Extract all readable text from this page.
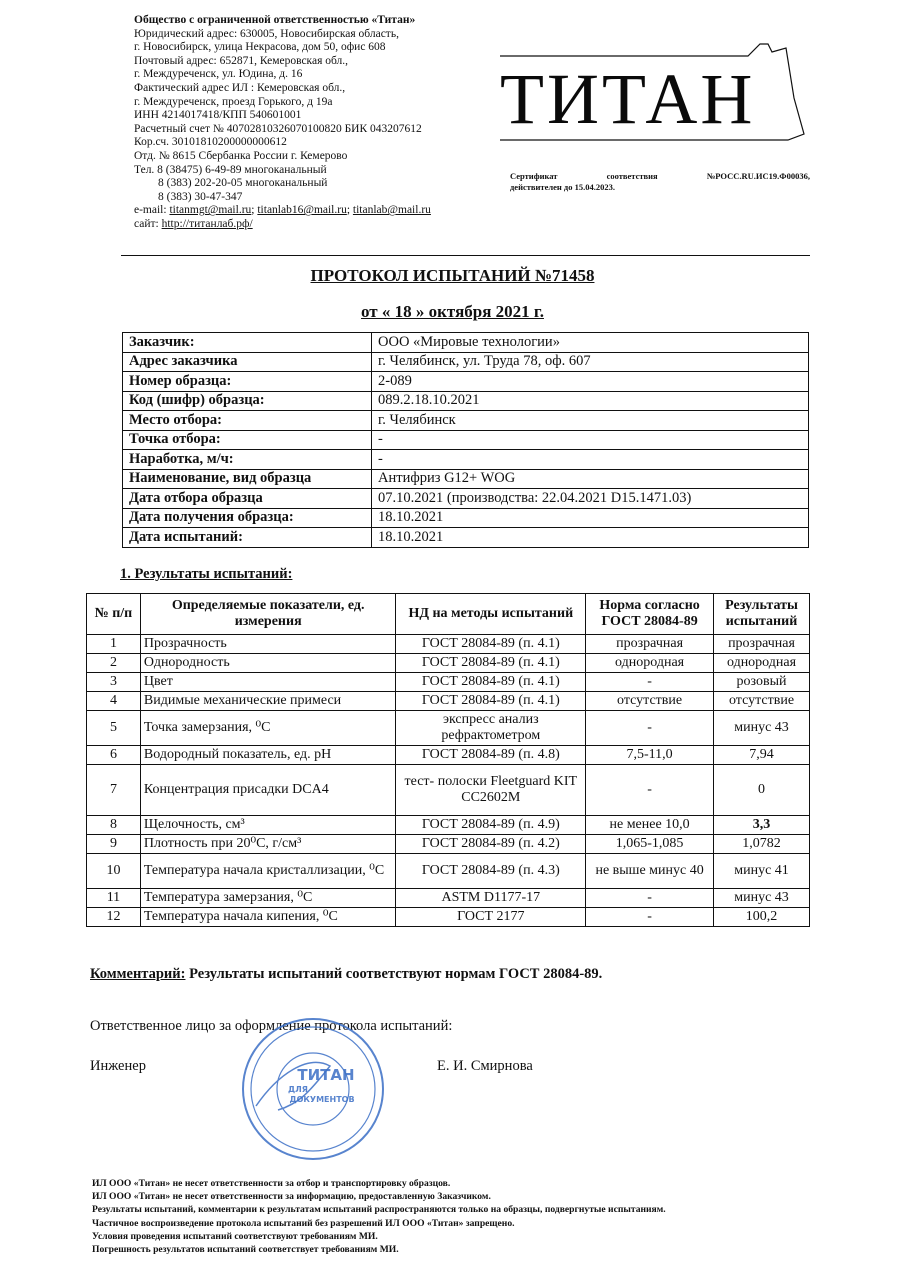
Общество с ограниченной ответственностью «Титан»
Юридический адрес: 630005, Новосибирская область,
г. Новосибирск, улица Некрасова, дом 50, офис 608
Почтовый адрес: 652871, Кемеровская обл.,
г. Междуреченск, ул. Юдина, д. 16
Фактический адрес ИЛ : Кемеровская обл.,
г. Междуреченск, проезд Горького, д 19а
ИНН 4214017418/КПП 540601001
Расчетный счет № 40702810326070100820 БИК 043207612
Кор.сч. 30101810200000000612
Отд. № 8615 Сбербанка России г. Кемерово
Тел. 8 (38475) 6-49-89 многоканальный
8 (383) 202-20-05 многоканальный
8 (383) 30-47-347
e-mail: titanmgt@mail.ru; titanlab16@mail.ru; titanlab@mail.ru
сайт: http://титанлаб.рф/
ТИТАН
Сертификат	соответствия	№РОСС.RU.ИС19.Ф00036,
действителен до 15.04.2023.
ПРОТОКОЛ ИСПЫТАНИЙ №71458
от « 18 » октября 2021 г.
Заказчик:	ООО «Мировые технологии»
Адрес заказчика	г. Челябинск, ул. Труда 78, оф. 607
Номер образца:	2-089
Код (шифр) образца:	089.2.18.10.2021
Место отбора:	г. Челябинск
Точка отбора:	-
Наработка, м/ч:	-
Наименование, вид образца	Антифриз G12+ WOG
Дата отбора образца	07.10.2021 (производства: 22.04.2021 D15.1471.03)
Дата получения образца:	18.10.2021
Дата испытаний:	18.10.2021
1. Результаты испытаний:
№ п/п	Определяемые показатели, ед. измерения	НД на методы испытаний	Норма согласно ГОСТ 28084-89	Результаты испытаний
1	Прозрачность	ГОСТ 28084-89 (п. 4.1)	прозрачная	прозрачная
2	Однородность	ГОСТ 28084-89 (п. 4.1)	однородная	однородная
3	Цвет	ГОСТ 28084-89 (п. 4.1)	-	розовый
4	Видимые механические примеси	ГОСТ 28084-89 (п. 4.1)	отсутствие	отсутствие
5	Точка замерзания, ⁰С	экспресс анализ рефрактометром	-	минус 43
6	Водородный показатель, ед. рН	ГОСТ 28084-89 (п. 4.8)	7,5-11,0	7,94
7	Концентрация присадки DCA4	тест- полоски Fleetguard KIT CC2602M	-	0
8	Щелочность, см³	ГОСТ 28084-89 (п. 4.9)	не менее 10,0	3,3
9	Плотность при 20⁰С, г/см³	ГОСТ 28084-89 (п. 4.2)	1,065-1,085	1,0782
10	Температура начала кристаллизации, ⁰С	ГОСТ 28084-89 (п. 4.3)	не выше минус 40	минус 41
11	Температура замерзания, ⁰С	ASTM D1177-17	-	минус 43
12	Температура начала кипения, ⁰С	ГОСТ 2177	-	100,2
Комментарий: Результаты испытаний соответствуют нормам ГОСТ 28084-89.
Ответственное лицо за оформление протокола испытаний:
Инженер	Е. И. Смирнова
ТИТАН
ДЛЯ
ДОКУМЕНТОВ
ИЛ ООО «Титан» не несет ответственности за отбор и транспортировку образцов.
ИЛ ООО «Титан» не несет ответственности за информацию, предоставленную Заказчиком.
Результаты испытаний, комментарии к результатам испытаний распространяются только на образцы, подвергнутые испытаниям.
Частичное воспроизведение протокола испытаний без разрешений ИЛ ООО «Титан» запрещено.
Условия проведения испытаний соответствуют требованиям МИ.
Погрешность результатов испытаний соответствует требованиям МИ.
